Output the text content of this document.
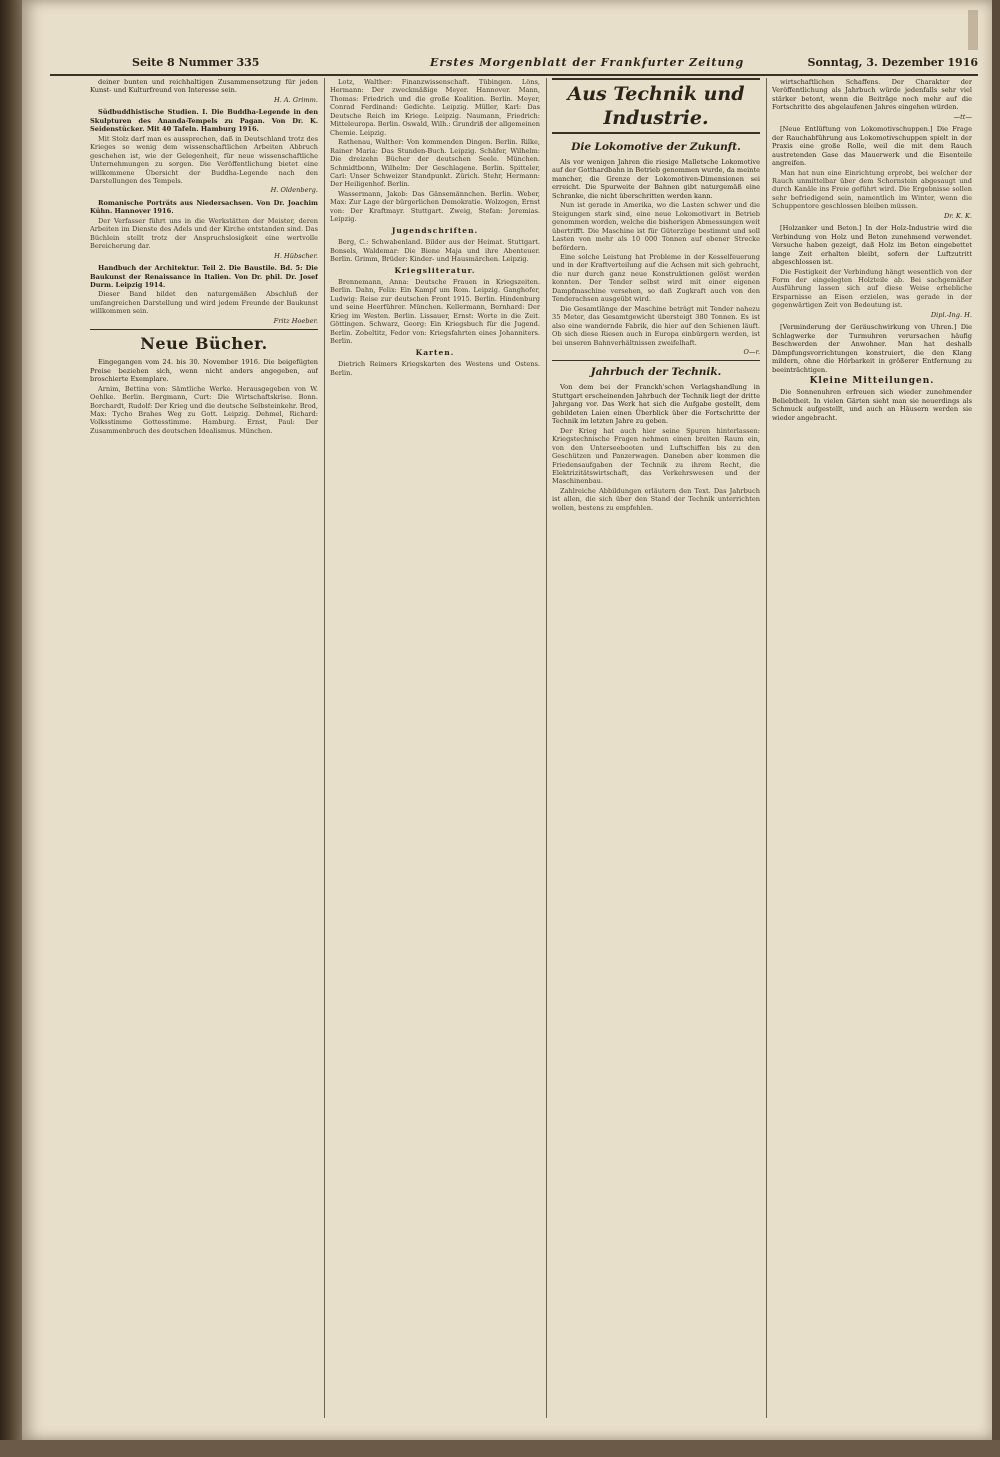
Seite 8 Nummer 335	Erstes Morgenblatt der Frankfurter Zeitung	Sonntag, 3. Dezember 1916

deiner bunten und reichhaltigen Zusammensetzung für jeden Kunst- und Kulturfreund von Interesse sein.

H. A. Grimm.

Südbuddhistische Studien. I. Die Buddha-Legende in den Skulpturen des Ananda-Tempels zu Pagan. Von Dr. K. Seidenstücker. Mit 40 Tafeln. Hamburg 1916.

Mit Stolz darf man es aussprechen, daß in Deutschland trotz des Krieges so wenig dem wissenschaftlichen Arbeiten Abbruch geschehen ist, wie der Gelegenheit, für neue wissenschaftliche Unternehmungen zu sorgen. Die Veröffentlichung bietet eine willkommene Übersicht der Buddha-Legende nach den Darstellungen des Tempels.

H. Oldenberg.

Romanische Porträts aus Niedersachsen. Von Dr. Joachim Kühn. Hannover 1916.

Der Verfasser führt uns in die Werkstätten der Meister, deren Arbeiten im Dienste des Adels und der Kirche entstanden sind. Das Büchlein stellt trotz der Anspruchslosigkeit eine wertvolle Bereicherung dar.

H. Hübscher.

Handbuch der Architektur. Teil 2. Die Baustile. Bd. 5: Die Baukunst der Renaissance in Italien. Von Dr. phil. Dr. Josef Durm. Leipzig 1914.

Dieser Band bildet den naturgemäßen Abschluß der umfangreichen Darstellung und wird jedem Freunde der Baukunst willkommen sein.

Fritz Hoeber.
Neue Bücher.

Eingegangen vom 24. bis 30. November 1916. Die beigefügten Preise beziehen sich, wenn nicht anders angegeben, auf broschierte Exemplare.

Arnim, Bettina von: Sämtliche Werke. Herausgegeben von W. Oehlke. Berlin. Bergmann, Curt: Die Wirtschaftskrise. Bonn. Borchardt, Rudolf: Der Krieg und die deutsche Selbsteinkehr. Brod, Max: Tycho Brahes Weg zu Gott. Leipzig. Dehmel, Richard: Volksstimme Gottesstimme. Hamburg. Ernst, Paul: Der Zusammenbruch des deutschen Idealismus. München.

Lotz, Walther: Finanzwissenschaft. Tübingen. Löns, Hermann: Der zweckmäßige Meyer. Hannover. Mann, Thomas: Friedrich und die große Koalition. Berlin. Meyer, Conrad Ferdinand: Gedichte. Leipzig. Müller, Karl: Das Deutsche Reich im Kriege. Leipzig. Naumann, Friedrich: Mitteleuropa. Berlin. Oswald, Wilh.: Grundriß der allgemeinen Chemie. Leipzig.

Rathenau, Walther: Von kommenden Dingen. Berlin. Rilke, Rainer Maria: Das Stunden-Buch. Leipzig. Schäfer, Wilhelm: Die dreizehn Bücher der deutschen Seele. München. Schmidtbonn, Wilhelm: Der Geschlagene. Berlin. Spitteler, Carl: Unser Schweizer Standpunkt. Zürich. Stehr, Hermann: Der Heiligenhof. Berlin.

Wassermann, Jakob: Das Gänsemännchen. Berlin. Weber, Max: Zur Lage der bürgerlichen Demokratie. Wolzogen, Ernst von: Der Kraftmayr. Stuttgart. Zweig, Stefan: Jeremias. Leipzig.

Jugendschriften.

Berg, C.: Schwabenland. Bilder aus der Heimat. Stuttgart. Bonsels, Waldemar: Die Biene Maja und ihre Abenteuer. Berlin. Grimm, Brüder: Kinder- und Hausmärchen. Leipzig.

Kriegsliteratur.

Brennemann, Anna: Deutsche Frauen in Kriegszeiten. Berlin. Dahn, Felix: Ein Kampf um Rom. Leipzig. Ganghofer, Ludwig: Reise zur deutschen Front 1915. Berlin. Hindenburg und seine Heerführer. München. Kellermann, Bernhard: Der Krieg im Westen. Berlin. Lissauer, Ernst: Worte in die Zeit. Göttingen. Schwarz, Georg: Ein Kriegsbuch für die Jugend. Berlin. Zobeltitz, Fedor von: Kriegsfahrten eines Johanniters. Berlin.

Karten.

Dietrich Reimers Kriegskarten des Westens und Ostens. Berlin.

Aus Technik und Industrie.
Die Lokomotive der Zukunft.

Als vor wenigen Jahren die riesige Malletsche Lokomotive auf der Gotthardbahn in Betrieb genommen wurde, da meinte mancher, die Grenze der Lokomotiven-Dimensionen sei erreicht. Die Spurweite der Bahnen gibt naturgemäß eine Schranke, die nicht überschritten werden kann.

Nun ist gerade in Amerika, wo die Lasten schwer und die Steigungen stark sind, eine neue Lokomotivart in Betrieb genommen worden, welche die bisherigen Abmessungen weit übertrifft. Die Maschine ist für Güterzüge bestimmt und soll Lasten von mehr als 10 000 Tonnen auf ebener Strecke befördern.

Eine solche Leistung hat Probleme in der Kesselfeuerung und in der Kraftverteilung auf die Achsen mit sich gebracht, die nur durch ganz neue Konstruktionen gelöst werden konnten. Der Tender selbst wird mit einer eigenen Dampfmaschine versehen, so daß Zugkraft auch von den Tenderachsen ausgeübt wird.

Die Gesamtlänge der Maschine beträgt mit Tender nahezu 35 Meter, das Gesamtgewicht übersteigt 380 Tonnen. Es ist also eine wandernde Fabrik, die hier auf den Schienen läuft. Ob sich diese Riesen auch in Europa einbürgern werden, ist bei unseren Bahnverhältnissen zweifelhaft.

O—r.
Jahrbuch der Technik.

Von dem bei der Franckh'schen Verlagshandlung in Stuttgart erscheinenden Jahrbuch der Technik liegt der dritte Jahrgang vor. Das Werk hat sich die Aufgabe gestellt, dem gebildeten Laien einen Überblick über die Fortschritte der Technik im letzten Jahre zu geben.

Der Krieg hat auch hier seine Spuren hinterlassen: Kriegstechnische Fragen nehmen einen breiten Raum ein, von den Unterseebooten und Luftschiffen bis zu den Geschützen und Panzerwagen. Daneben aber kommen die Friedensaufgaben der Technik zu ihrem Recht, die Elektrizitätswirtschaft, das Verkehrswesen und der Maschinenbau.

Zahlreiche Abbildungen erläutern den Text. Das Jahrbuch ist allen, die sich über den Stand der Technik unterrichten wollen, bestens zu empfehlen.

wirtschaftlichen Schaffens. Der Charakter der Veröffentlichung als Jahrbuch würde jedenfalls sehr viel stärker betont, wenn die Beiträge noch mehr auf die Fortschritte des abgelaufenen Jahres eingehen würden.

—tt—

[Neue Entlüftung von Lokomotivschuppen.] Die Frage der Rauchabführung aus Lokomotivschuppen spielt in der Praxis eine große Rolle, weil die mit dem Rauch austretenden Gase das Mauerwerk und die Eisenteile angreifen.

Man hat nun eine Einrichtung erprobt, bei welcher der Rauch unmittelbar über dem Schornstein abgesaugt und durch Kanäle ins Freie geführt wird. Die Ergebnisse sollen sehr befriedigend sein, namentlich im Winter, wenn die Schuppentore geschlossen bleiben müssen.

Dr. K. K.

[Holzanker und Beton.] In der Holz-Industrie wird die Verbindung von Holz und Beton zunehmend verwendet. Versuche haben gezeigt, daß Holz im Beton eingebettet lange Zeit erhalten bleibt, sofern der Luftzutritt abgeschlossen ist.

Die Festigkeit der Verbindung hängt wesentlich von der Form der eingelegten Holzteile ab. Bei sachgemäßer Ausführung lassen sich auf diese Weise erhebliche Ersparnisse an Eisen erzielen, was gerade in der gegenwärtigen Zeit von Bedeutung ist.

Dipl.-Ing. H.

[Verminderung der Geräuschwirkung von Uhren.] Die Schlagwerke der Turmuhren verursachen häufig Beschwerden der Anwohner. Man hat deshalb Dämpfungsvorrichtungen konstruiert, die den Klang mildern, ohne die Hörbarkeit in größerer Entfernung zu beeinträchtigen.

Kleine Mitteilungen.

Die Sonnenuhren erfreuen sich wieder zunehmender Beliebtheit. In vielen Gärten sieht man sie neuerdings als Schmuck aufgestellt, und auch an Häusern werden sie wieder angebracht.
